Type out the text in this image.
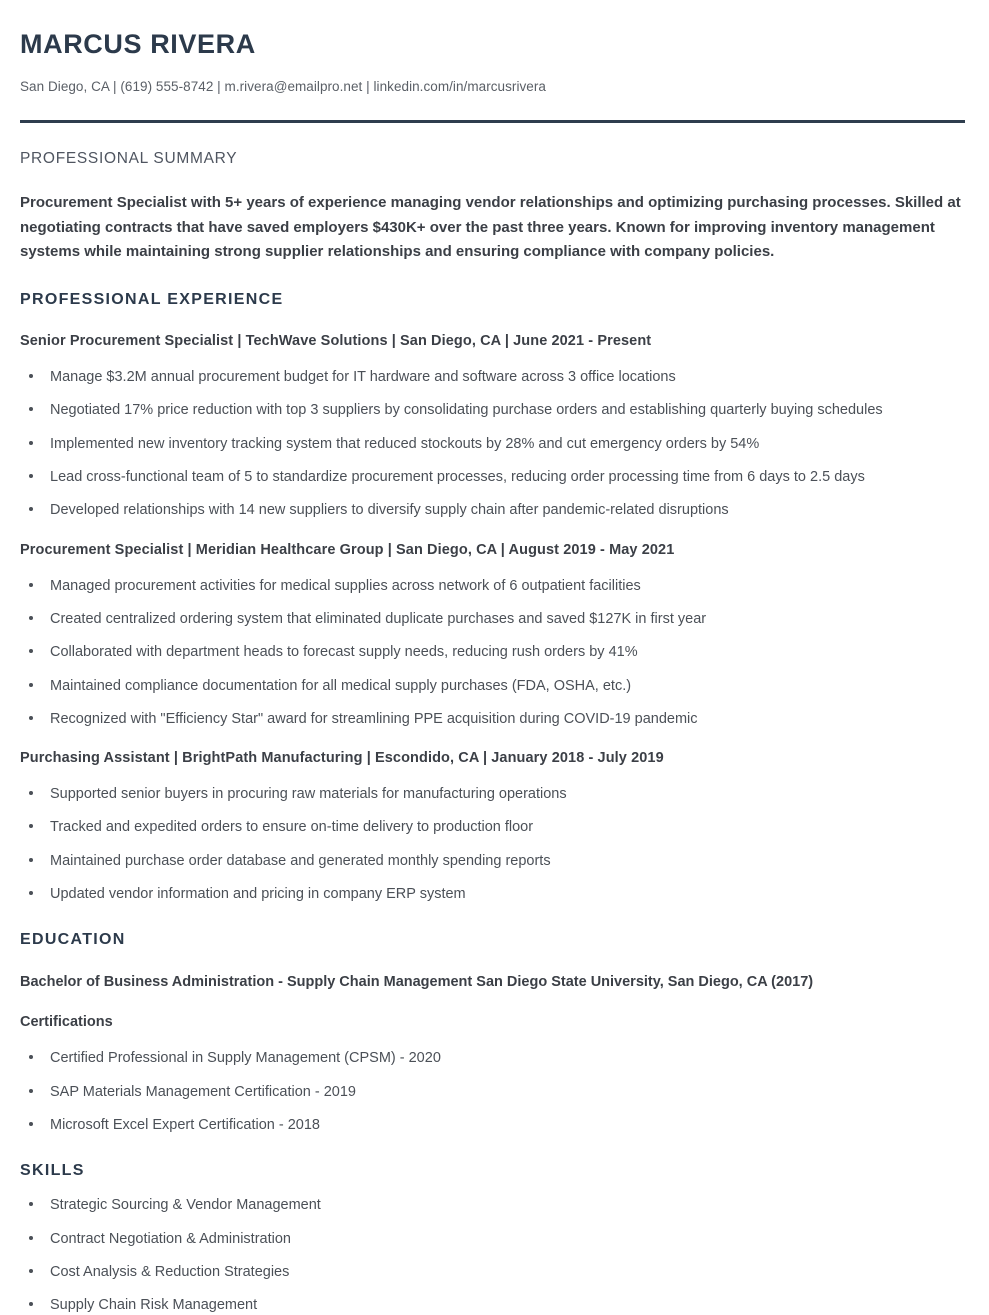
MARCUS RIVERA
San Diego, CA | (619) 555-8742 | m.rivera@emailpro.net | linkedin.com/in/marcusrivera
PROFESSIONAL SUMMARY

Procurement Specialist with 5+ years of experience managing vendor relationships and optimizing purchasing processes. Skilled at negotiating contracts that have saved employers $430K+ over the past three years. Known for improving inventory management systems while maintaining strong supplier relationships and ensuring compliance with company policies.

PROFESSIONAL EXPERIENCE
Senior Procurement Specialist | TechWave Solutions | San Diego, CA | June 2021 - Present
Manage $3.2M annual procurement budget for IT hardware and software across 3 office locations
Negotiated 17% price reduction with top 3 suppliers by consolidating purchase orders and establishing quarterly buying schedules
Implemented new inventory tracking system that reduced stockouts by 28% and cut emergency orders by 54%
Lead cross-functional team of 5 to standardize procurement processes, reducing order processing time from 6 days to 2.5 days
Developed relationships with 14 new suppliers to diversify supply chain after pandemic-related disruptions
Procurement Specialist | Meridian Healthcare Group | San Diego, CA | August 2019 - May 2021
Managed procurement activities for medical supplies across network of 6 outpatient facilities
Created centralized ordering system that eliminated duplicate purchases and saved $127K in first year
Collaborated with department heads to forecast supply needs, reducing rush orders by 41%
Maintained compliance documentation for all medical supply purchases (FDA, OSHA, etc.)
Recognized with "Efficiency Star" award for streamlining PPE acquisition during COVID-19 pandemic
Purchasing Assistant | BrightPath Manufacturing | Escondido, CA | January 2018 - July 2019
Supported senior buyers in procuring raw materials for manufacturing operations
Tracked and expedited orders to ensure on-time delivery to production floor
Maintained purchase order database and generated monthly spending reports
Updated vendor information and pricing in company ERP system
EDUCATION
Bachelor of Business Administration - Supply Chain Management San Diego State University, San Diego, CA (2017)
Certifications
Certified Professional in Supply Management (CPSM) - 2020
SAP Materials Management Certification - 2019
Microsoft Excel Expert Certification - 2018
SKILLS
Strategic Sourcing & Vendor Management
Contract Negotiation & Administration
Cost Analysis & Reduction Strategies
Supply Chain Risk Management
